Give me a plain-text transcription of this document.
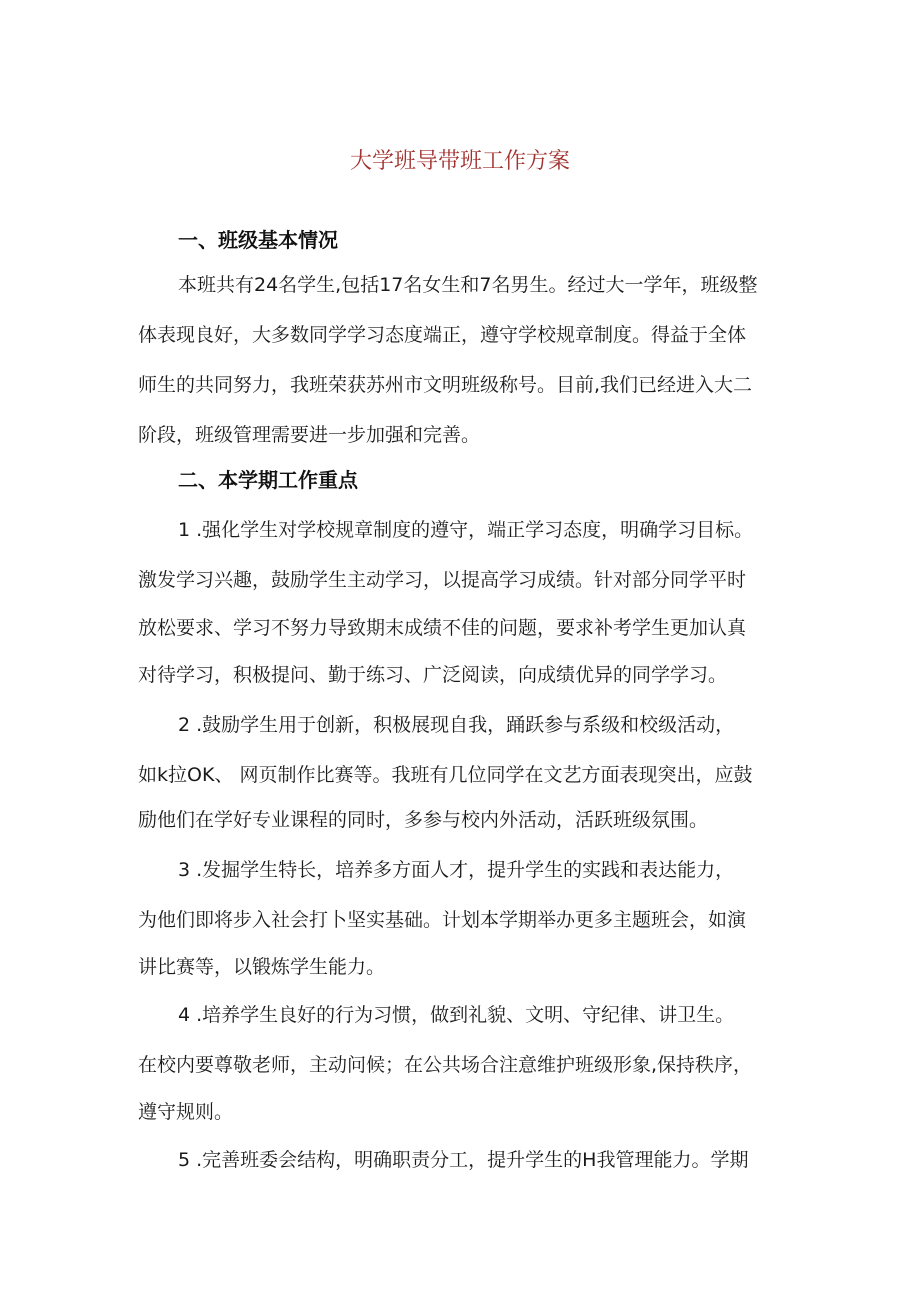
大学班导带班工作方案
一、班级基本情况
本班共有24名学生,包括17名女生和7名男生。经过大一学年，班级整
体表现良好，大多数同学学习态度端正，遵守学校规章制度。得益于全体
师生的共同努力，我班荣获苏州市文明班级称号。目前,我们已经进入大二
阶段，班级管理需要进一步加强和完善。
二、本学期工作重点
1 .强化学生对学校规章制度的遵守，端正学习态度，明确学习目标。
激发学习兴趣，鼓励学生主动学习，以提高学习成绩。针对部分同学平时
放松要求、学习不努力导致期末成绩不佳的问题，要求补考学生更加认真
对待学习，积极提问、勤于练习、广泛阅读，向成绩优异的同学学习。
2 .鼓励学生用于创新，积极展现自我，踊跃参与系级和校级活动，
如k拉OK、 网页制作比赛等。我班有几位同学在文艺方面表现突出，应鼓
励他们在学好专业课程的同时，多参与校内外活动，活跃班级氛围。
3 .发掘学生特长，培养多方面人才，提升学生的实践和表达能力，
为他们即将步入社会打卜坚实基础。计划本学期举办更多主题班会，如演
讲比赛等，以锻炼学生能力。
4 .培养学生良好的行为习惯，做到礼貌、文明、守纪律、讲卫生。
在校内要尊敬老师，主动问候；在公共场合注意维护班级形象,保持秩序，
遵守规则。
5 .完善班委会结构，明确职责分工，提升学生的H我管理能力。学期
